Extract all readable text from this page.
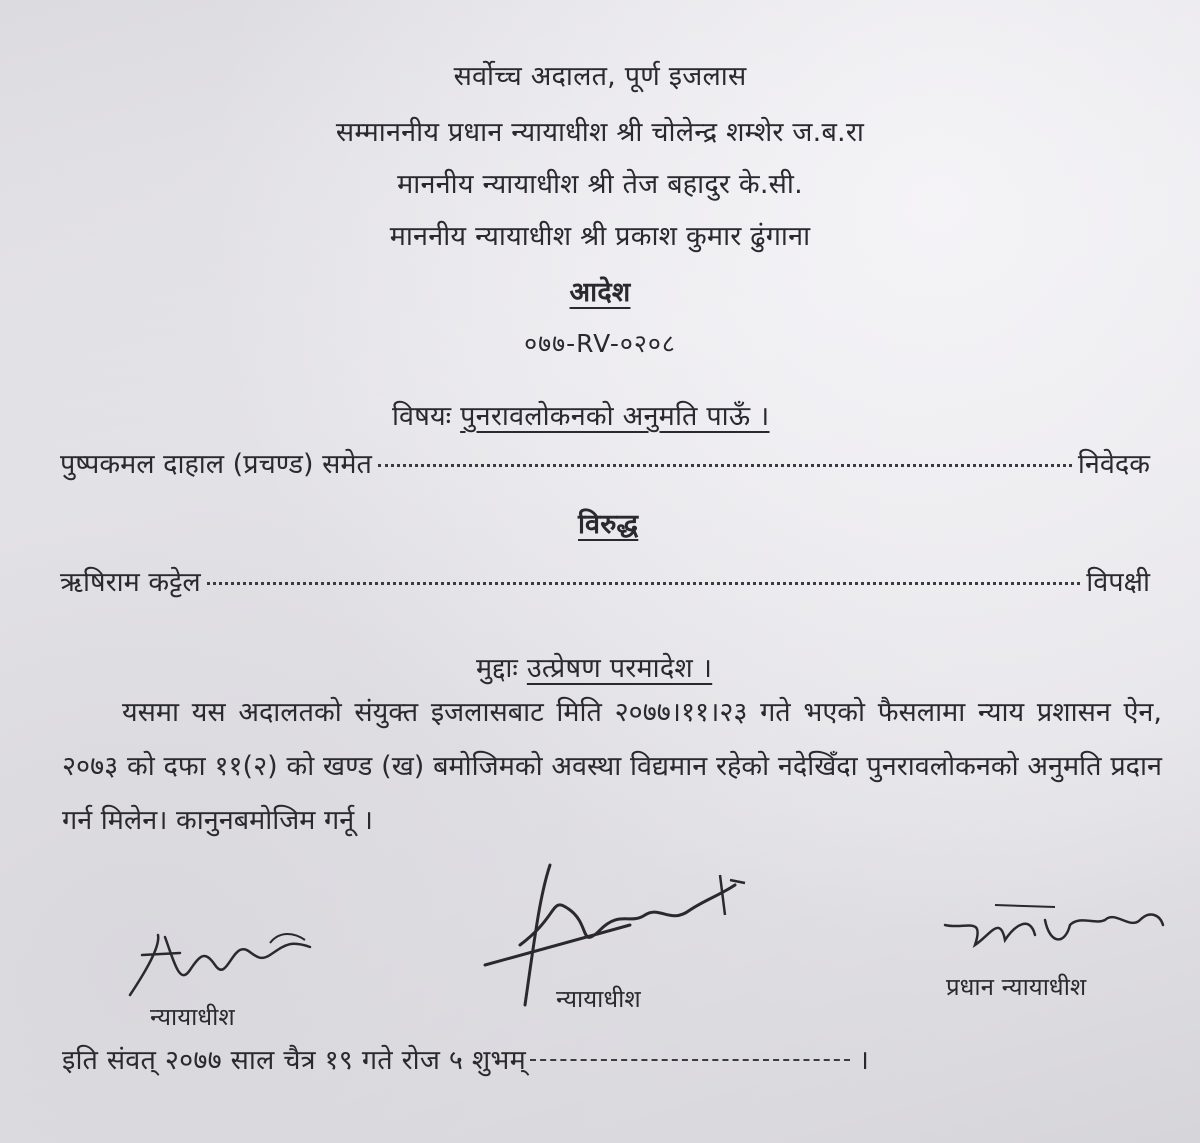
सर्वोच्च अदालत, पूर्ण इजलास
सम्माननीय प्रधान न्यायाधीश श्री चोलेन्द्र शम्शेर ज.ब.रा
माननीय न्यायाधीश श्री तेज बहादुर के.सी.
माननीय न्यायाधीश श्री प्रकाश कुमार ढुंगाना
आदेश
०७७-RV-०२०८
विषयः पुनरावलोकनको अनुमति पाऊँ ।
पुष्पकमल दाहाल (प्रचण्ड) समेत	निवेदक
विरुद्ध
ऋषिराम कट्टेल	विपक्षी
मुद्दाः उत्प्रेषण परमादेश ।
यसमा यस अदालतको संयुक्त इजलासबाट मिति २०७७।११।२३ गते भएको फैसलामा न्याय प्रशासन ऐन, २०७३ को दफा ११(२) को खण्ड (ख) बमोजिमको अवस्था विद्यमान रहेको नदेखिँदा पुनरावलोकनको अनुमति प्रदान गर्न मिलेन। कानुनबमोजिम गर्नू ।
न्यायाधीश
न्यायाधीश	प्रधान न्यायाधीश
इति संवत् २०७७ साल चैत्र १९ गते रोज ५ शुभम्	।
